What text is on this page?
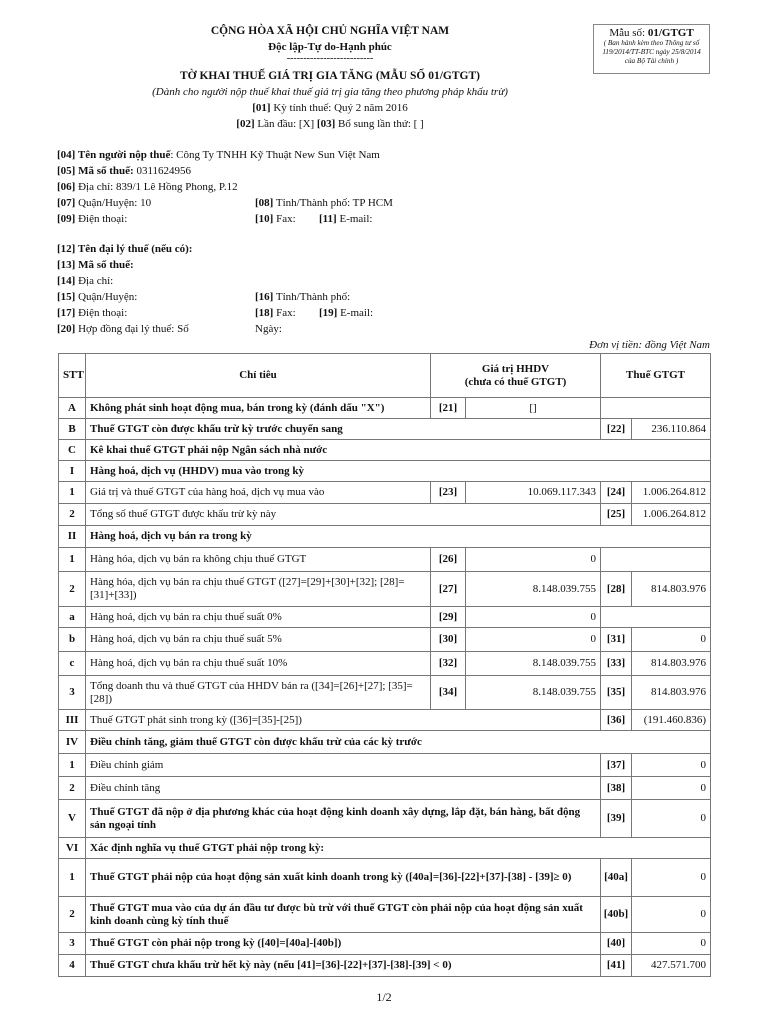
CỘNG HÒA XÃ HỘI CHỦ NGHĨA VIỆT NAM
Độc lập-Tự do-Hạnh phúc
--------------------------
TỜ KHAI THUẾ GIÁ TRỊ GIA TĂNG (MẪU SỐ 01/GTGT)
(Dành cho người nộp thuế khai thuế giá trị gia tăng theo phương pháp khấu trừ)
[01] Kỳ tính thuế: Quý 2 năm 2016
[02] Lần đầu: [X] [03] Bổ sung lần thứ: [ ]
Mẫu số: 01/GTGT
( Ban hành kèm theo Thông tư số 119/2014/TT-BTC ngày 25/8/2014 của Bộ Tài chính )
[04] Tên người nộp thuế: Công Ty TNHH Kỹ Thuật New Sun Việt Nam
[05] Mã số thuế: 0311624956
[06] Địa chỉ: 839/1 Lê Hồng Phong, P.12
[07] Quận/Huyện: 10	[08] Tỉnh/Thành phố: TP HCM
[09] Điện thoại:	[10] Fax: [11] E-mail:
[12] Tên đại lý thuế (nếu có):
[13] Mã số thuế:
[14] Địa chỉ:
[15] Quận/Huyện:	[16] Tỉnh/Thành phố:
[17] Điện thoại:	[18] Fax: [19] E-mail:
[20] Hợp đồng đại lý thuế: Số	Ngày:
Đơn vị tiền: đồng Việt Nam
STT	Chỉ tiêu	Giá trị HHDV
(chưa có thuế GTGT)		Thuế GTGT	
A	Không phát sinh hoạt động mua, bán trong kỳ (đánh dấu "X")	[21]	[]		
B	Thuế GTGT còn được khấu trừ kỳ trước chuyển sang			[22]	236.110.864
C	Kê khai thuế GTGT phải nộp Ngân sách nhà nước				
I	Hàng hoá, dịch vụ (HHDV) mua vào trong kỳ				
1	Giá trị và thuế GTGT của hàng hoá, dịch vụ mua vào	[23]	10.069.117.343	[24]	1.006.264.812
2	Tổng số thuế GTGT được khấu trừ kỳ này			[25]	1.006.264.812
II	Hàng hoá, dịch vụ bán ra trong kỳ				
1	Hàng hóa, dịch vụ bán ra không chịu thuế GTGT	[26]	0		
2	Hàng hóa, dịch vụ bán ra chịu thuế GTGT ([27]=[29]+[30]+[32]; [28]=[31]+[33])	[27]	8.148.039.755	[28]	814.803.976
a	Hàng hoá, dịch vụ bán ra chịu thuế suất 0%	[29]	0		
b	Hàng hoá, dịch vụ bán ra chịu thuế suất 5%	[30]	0	[31]	0
c	Hàng hoá, dịch vụ bán ra chịu thuế suất 10%	[32]	8.148.039.755	[33]	814.803.976
3	Tổng doanh thu và thuế GTGT của HHDV bán ra ([34]=[26]+[27]; [35]=[28])	[34]	8.148.039.755	[35]	814.803.976
III	Thuế GTGT phát sinh trong kỳ ([36]=[35]-[25])			[36]	(191.460.836)
IV	Điều chỉnh tăng, giảm thuế GTGT còn được khấu trừ của các kỳ trước				
1	Điều chỉnh giảm			[37]	0
2	Điều chỉnh tăng			[38]	0
V	Thuế GTGT đã nộp ở địa phương khác của hoạt động kinh doanh xây dựng, lắp đặt, bán hàng, bất động sản ngoại tỉnh			[39]	0
VI	Xác định nghĩa vụ thuế GTGT phải nộp trong kỳ:				
1	Thuế GTGT phải nộp của hoạt động sản xuất kinh doanh trong kỳ ([40a]=[36]-[22]+[37]-[38] - [39]≥ 0)			[40a]	0
2	Thuế GTGT mua vào của dự án đầu tư được bù trừ với thuế GTGT còn phải nộp của hoạt động sản xuất kinh doanh cùng kỳ tính thuế			[40b]	0
3	Thuế GTGT còn phải nộp trong kỳ ([40]=[40a]-[40b])			[40]	0
4	Thuế GTGT chưa khấu trừ hết kỳ này (nếu [41]=[36]-[22]+[37]-[38]-[39] < 0)			[41]	427.571.700
1/2
